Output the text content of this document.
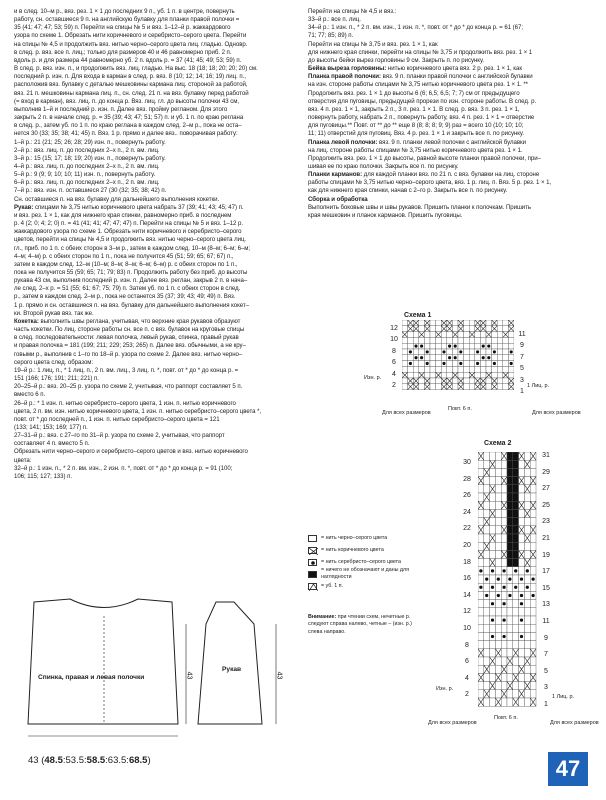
и в след. 10–м р., вяз. рез. 1 × 1 до последних 9 п., уб. 1 п. в центре, повернуть

работу, сн. оставшиеся 9 п. на английскую булавку для планки правой полочки =

35 (41; 47; 47; 53; 59) п. Перейти на спицы № 5 и вяз. 1–12–й р. жаккардового

узора по схеме 1. Обрезать нити коричневого и серебристо–серого цвета. Перейти

на спицы № 4,5 и продолжить вяз. нитью черно–серого цвета лиц. гладью. Одновр.

в след. р. вяз. все п. лиц.; только для размеров 40 и 46 равномерно приб. 2 п.

вдоль р. и для размера 44 равномерно уб. 2 п. вдоль р. = 37 (41; 45; 49; 53; 59) п.

В след. р. вяз. изн. п., и продолжить вяз. лиц. гладью. На выс. 18 (18; 18; 20; 20; 20) см.

последний р. изн. п. Для входа в карман в след. р. вяз. 8 (10; 12; 14; 16; 19) лиц. п.,

расположив вяз. булавку с деталью мешковины кармана лиц. стороной за работой,

вяз. 21 п. мешковины кармана лиц. п., сн. след. 21 п. на вяз. булавку перед работой

(= вход в карман), вяз. лиц. п. до конца р. Вяз. лиц. гл. до высоты полочки 43 см,

выполнив 1–й и последний р. изн. п. Далее вяз. пройму регланом. Для этого

закрыть 2 п. в начале след. р. = 35 (39; 43; 47; 51; 57) п. и уб. 1 п. по краю реглана

в след. р., затем уб. по 1 п. по краю реглана в каждом след. 2–м р., пока не оста–

нется 30 (33; 35; 38; 41; 45) п. Вяз. 1 р. прямо и далее вяз.. поворачивая работу:

1–й р.: 21 (21; 25; 26; 28; 29) изн. п., повернуть работу.

2–й р.: вяз. лиц. п. до последних 2–х п., 2 п. вм. лиц.

3–й р.: 15 (15; 17; 18; 19; 20) изн. п., повернуть работу.

4–й р.: вяз. лиц. п. до последних 2–х п., 2 п. вм. лиц.

5–й р.: 9 (9; 9; 10; 10; 11) изн. п., повернуть работу.

6–й р.: вяз. лиц. п. до последних 2–х п., 2 п. вм. лиц.

7–й р.: вяз. изн. п. оставшиеся 27 (30 (32; 35; 38; 42) п.

Сн. оставшиеся п. на вяз. булавку для дальнейшего выполнения кокетки.

Рукав: спицами № 3,75 нитью коричневого цвета набрать 37 (39; 41; 43; 45; 47) п.

и вяз. рез. 1 × 1, как для нижнего края спинки, равномерно приб. в последнем

р. 4 (2; 0; 4; 2; 0) п. = 41 (41; 41; 47; 47; 47) п. Перейти на спицы № 5 и вяз. 1–12 р.

жаккардового узора по схеме 1. Обрезать нити коричневого и серебристо–серого

цветов, перейти на спицы № 4,5 и продолжить вяз. нитью черно–серого цвета лиц.

гл., приб. по 1 п. с обеих сторон в 3–м р., затем в каждом след. 10–м (8–м; 6–м; 6–м;

4–м; 4–м) р. с обеих сторон по 1 п., пока не получится 45 (51; 59; 65; 67; 67) п.,

затем в каждом след. 12–м (10–м; 8–м; 8–м; 6–м; 6–м) р. с обеих сторон по 1 п.,

пока не получится 55 (59; 65; 71; 79; 83) п. Продолжить работу без приб. до высоты

рукава 43 см, выполнив последний р. изн. п. Далее вяз. реглан, закрыв 2 п. в нача–

ле след. 2–х р. = 51 (55; 61; 67; 75; 79) п. Затем уб. по 1 п. с обеих сторон в след.

р., затем в каждом след. 2–м р., пока не останется 35 (37; 39; 43; 49; 49) п. Вяз.

1 р. прямо и сн. оставшиеся п. на вяз. булавку для дальнейшего выполнения кокет–

ки. Второй рукав вяз. так же.

Кокетка: выполнить швы реглана, учитывая, что верхние края рукавов образуют

часть кокетки. По лиц. стороне работы сн. все п. с вяз. булавок на круговые спицы

в след. последовательности: левая полочка, левый рукав, спинка, правый рукав

и правая полочка = 181 (199; 211; 229; 253; 265) п. Далее вяз. обычными, а не кру–

говыми р., выполнив с 1–го по 18–й р. узора по схеме 2. Далее вяз. нитью черно–

серого цвета след. образом:

19–й р.: 1 лиц. п., * 1 лиц. п., 2 п. вм. лиц., 3 лиц. п. *, повт. от * до * до конца р. =

151 (166; 176; 191; 211; 221) п.

20–25–й р.: вяз. 20–25 р. узора по схеме 2, учитывая, что раппорт составляет 5 п.

вместо 6 п.

26–й р.: * 1 изн. п. нитью серебристо–серого цвета, 1 изн. п. нитью коричневого

цвета, 2 п. вм. изн. нитью коричневого цвета, 1 изн. п. нитью серебристо–серого цвета *,

повт. от * до последней п., 1 изн. п. нитью серебристо–серого цвета = 121

(133; 141; 153; 169; 177) п.

27–31–й р.: вяз. с 27–го по 31–й р. узора по схеме 2, учитывая, что раппорт

составляет 4 п. вместо 5 п.

Обрезать нити черно–серого и серебристо–серого цветов и вяз. нитью коричневого

цвета:

32–й р.: 1 изн. п., * 2 п. вм. изн., 2 изн. п. *, повт. от * до * до конца р. = 91 (100;

106; 115; 127; 133) п.

Перейти на спицы № 4,5 и вяз.:

33–й р.: все п. лиц.

34–й р.: 1 изн. п., * 2 п. вм. изн., 1 изн. п. *, повт. от * до * до конца р. = 61 (67;

71; 77; 85; 89) п.

Перейти на спицы № 3,75 и вяз. рез. 1 × 1, как

для нижнего края спинки, перейти на спицы № 3,75 и продолжить вяз. рез. 1 × 1

до высоты бейки вырез горловины 9 см. Закрыть п. по рисунку.

Бейка выреза горловины: нитью коричневого цвета вяз. 2 р. рез. 1 × 1, как

Планка правой полочки: вяз. 9 п. планки правой полочки с английской булавки

на изн. стороне работы спицами № 3,75 нитью коричневого цвета рез. 1 × 1. **

Продолжить вяз. рез. 1 × 1 до высоты 6 (6; 6,5; 6,5; 7; 7) см от предыдущего

отверстия для пуговицы, предыдущей прорези по изн. стороне работы. В след. р.

вяз. 4 п. рез. 1 × 1, закрыть 2 п., 3 п. рез. 1 × 1. В след. р. вяз. 3 п. рез. 1 × 1,

повернуть работу, набрать 2 п., повернуть работу, вяз. 4 п. рез. 1 × 1 = отверстие

для пуговицы.** Повт. от ** до ** еще 8 (8; 8; 8; 9; 9) раз = всего 10 (10; 10; 10;

11; 11) отверстий для пуговиц. Вяз. 4 р. рез. 1 × 1 и закрыть все п. по рисунку.

Планка левой полочки: вяз. 9 п. планки левой полочки с английской булавки

на лиц. стороне работы спицами № 3,75 нитью коричневого цвета рез. 1 × 1.

Продолжить вяз. рез. 1 × 1 до высоты, равной высоте планки правой полочки, при–

шивая ее по краю полочки. Закрыть все п. по рисунку.

Планки карманов: для каждой планки вяз. по 21 п. с вяз. булавки на лиц. стороне

работы спицами № 3,75 нитью черно–серого цвета, вяз. 1 р. лиц. п. Вяз. 5 р. рез. 1 × 1,

как для нижнего края спинки, начав с 2–го р. Закрыть все п. по рисунку.

Сборка и обработка

Выполнить боковые швы и швы рукавов. Пришить планки к полочкам. Пришить

края мешковин и планок карманов. Пришить пуговицы.

Схема 1
12
10
8
6
4
2
11
9
7
5
3
1
Изн. р.
1 Лиц. р.
Повт. 6 п.
Для всех размеров	Для всех размеров
Схема 2
30
28
26
24
22
20
18
16
14
12
10
8
6
4
2
31
29
27
25
23
21
19
17
15
13
11
9
7
5
3
1
Изн. р.
1 Лиц. р.
Повт. 6 п.
Для всех размеров	Для всех размеров
= нить черно–серого цвета
= нить коричневого цвета
= нить серебристо–серого цвета
= ничего не обозначают и даны для наглядности
= уб. 1 п.
Внимание: при чтении схем, нечетные р. следуют справа налево, четные – (изн. р.) слева направо.
Спинка, правая и левая полочки
Рукав
43	43
43 (48.5:53.5:58.5:63.5:68.5)	47
